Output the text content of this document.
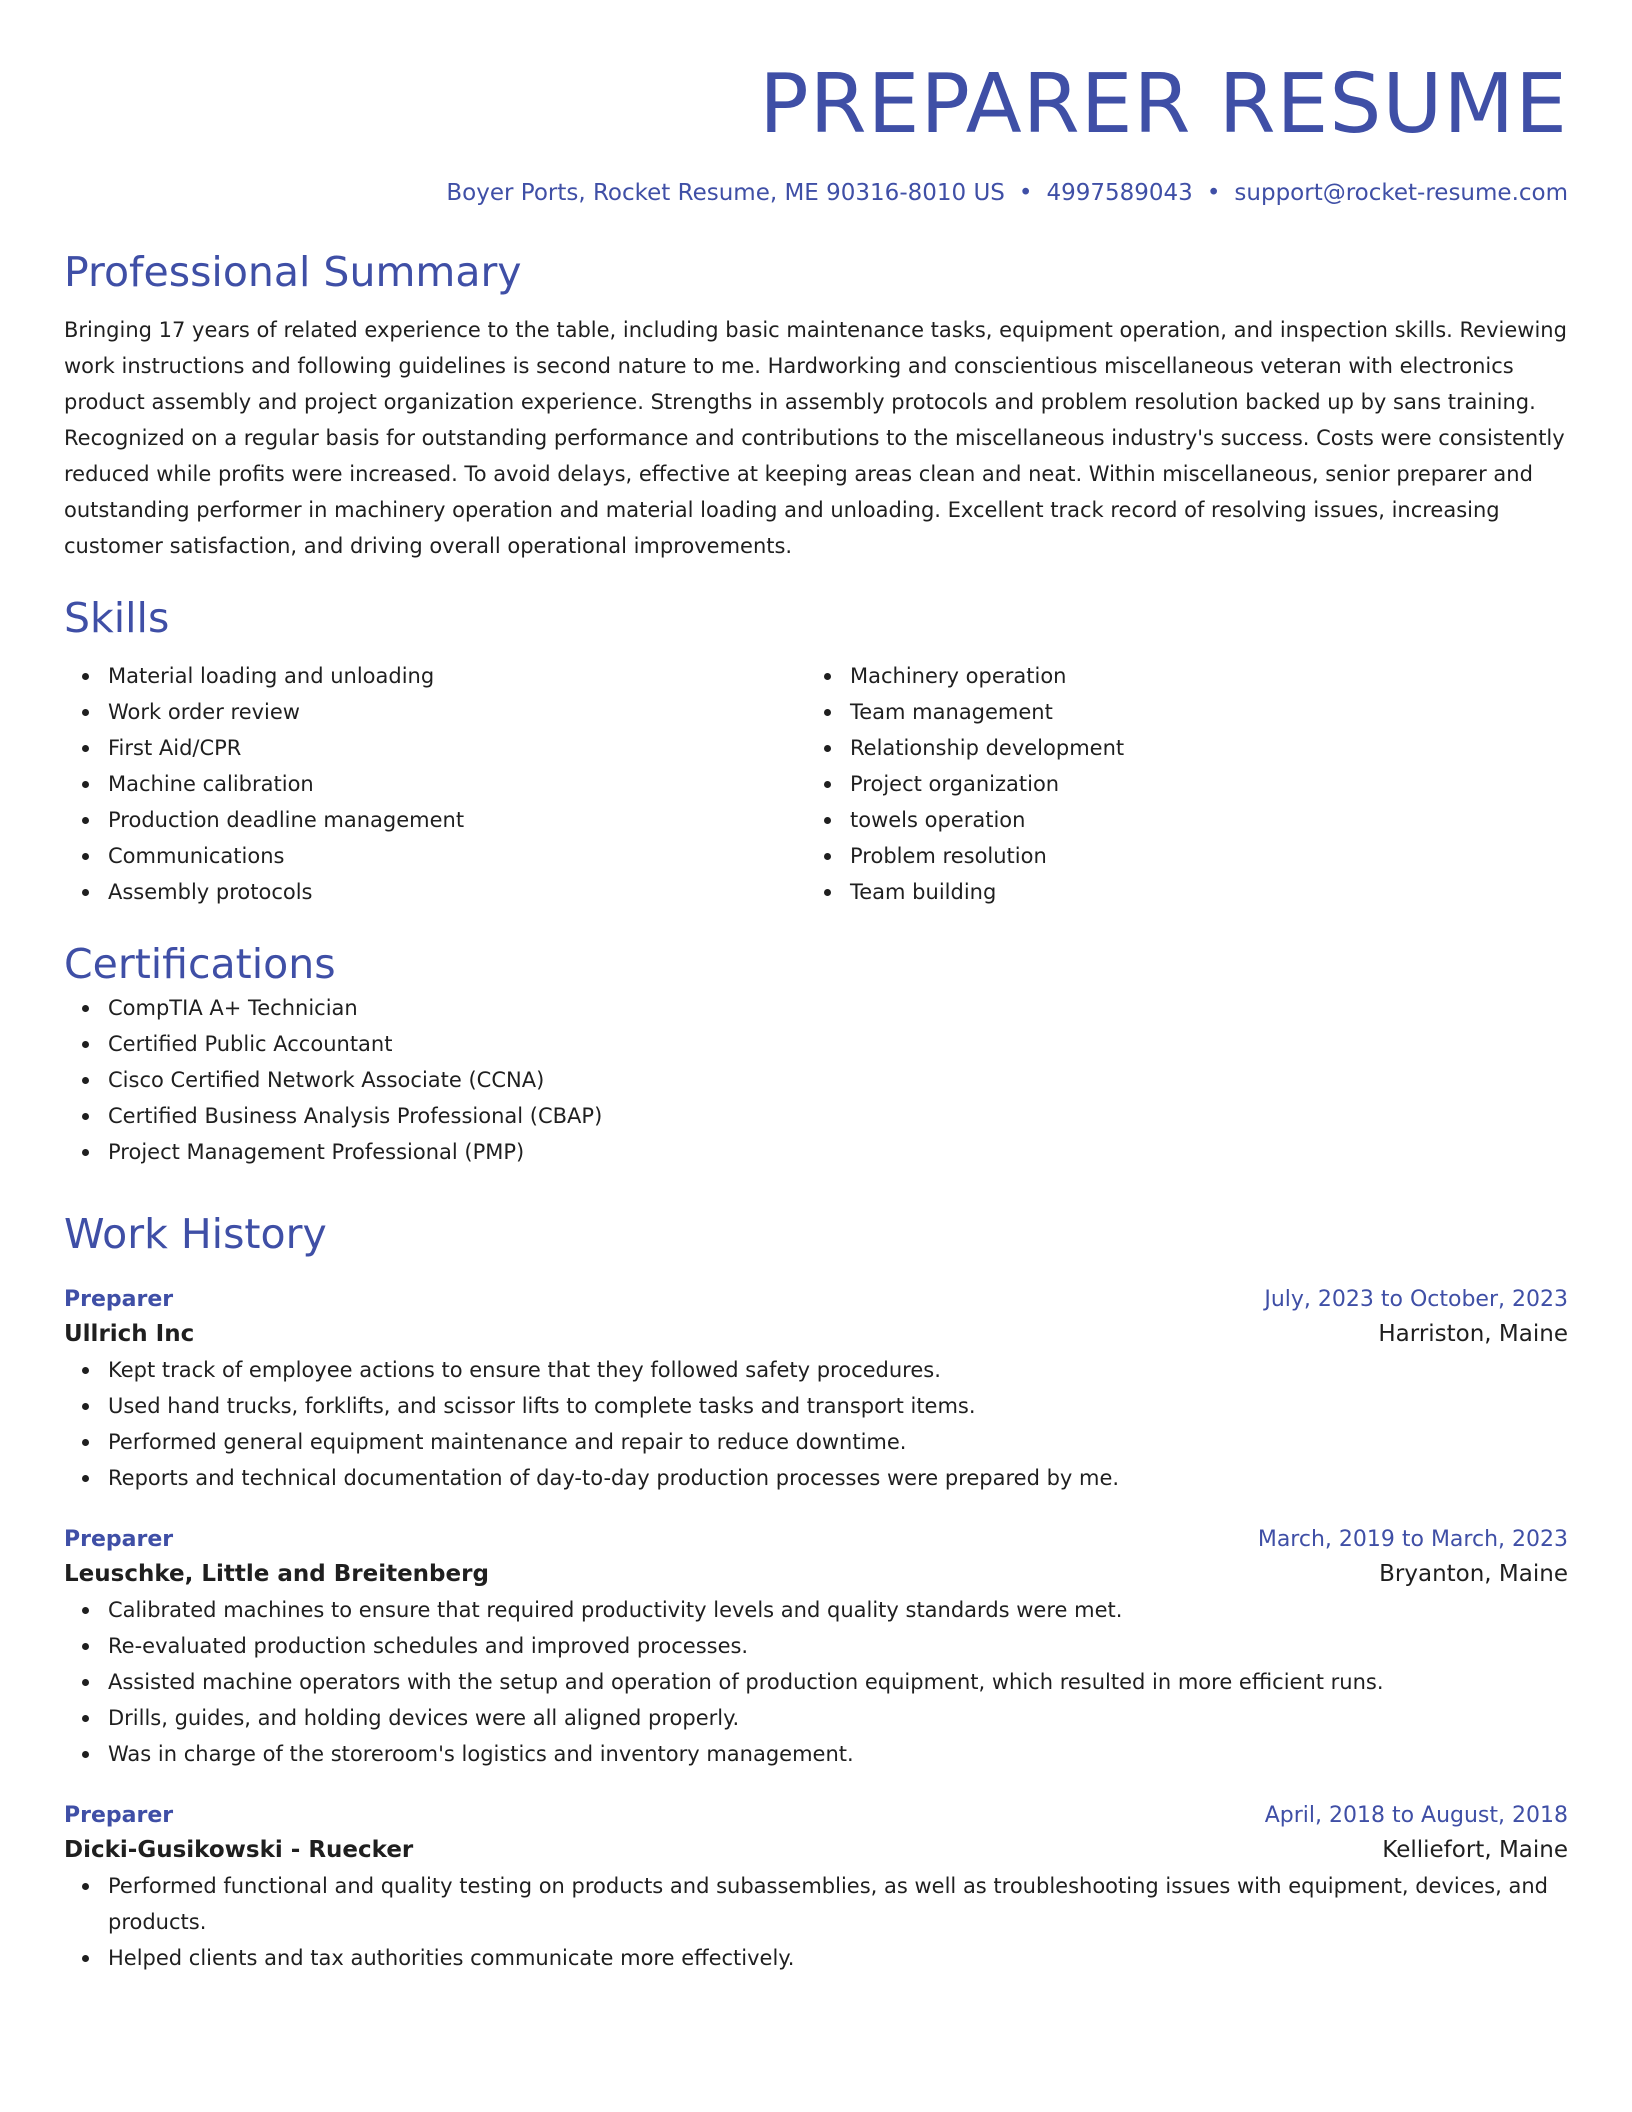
PREPARER RESUME
Boyer Ports, Rocket Resume, ME 90316-8010 US • 4997589043 • support@rocket-resume.com
Professional Summary

Bringing 17 years of related experience to the table, including basic maintenance tasks, equipment operation, and inspection skills. Reviewing work instructions and following guidelines is second nature to me. Hardworking and conscientious miscellaneous veteran with electronics product assembly and project organization experience. Strengths in assembly protocols and problem resolution backed up by sans training. Recognized on a regular basis for outstanding performance and contributions to the miscellaneous industry's success. Costs were consistently reduced while profits were increased. To avoid delays, effective at keeping areas clean and neat. Within miscellaneous, senior preparer and outstanding performer in machinery operation and material loading and unloading. Excellent track record of resolving issues, increasing customer satisfaction, and driving overall operational improvements.

Skills
Material loading and unloading
Work order review
First Aid/CPR
Machine calibration
Production deadline management
Communications
Assembly protocols
Machinery operation
Team management
Relationship development
Project organization
towels operation
Problem resolution
Team building
Certifications
CompTIA A+ Technician
Certified Public Accountant
Cisco Certified Network Associate (CCNA)
Certified Business Analysis Professional (CBAP)
Project Management Professional (PMP)
Work History
Preparer	July, 2023 to October, 2023
Ullrich Inc	Harriston, Maine
Kept track of employee actions to ensure that they followed safety procedures.
Used hand trucks, forklifts, and scissor lifts to complete tasks and transport items.
Performed general equipment maintenance and repair to reduce downtime.
Reports and technical documentation of day-to-day production processes were prepared by me.
Preparer	March, 2019 to March, 2023
Leuschke, Little and Breitenberg	Bryanton, Maine
Calibrated machines to ensure that required productivity levels and quality standards were met.
Re-evaluated production schedules and improved processes.
Assisted machine operators with the setup and operation of production equipment, which resulted in more efficient runs.
Drills, guides, and holding devices were all aligned properly.
Was in charge of the storeroom's logistics and inventory management.
Preparer	April, 2018 to August, 2018
Dicki-Gusikowski - Ruecker	Kelliefort, Maine
Performed functional and quality testing on products and subassemblies, as well as troubleshooting issues with equipment, devices, and products.
Helped clients and tax authorities communicate more effectively.
